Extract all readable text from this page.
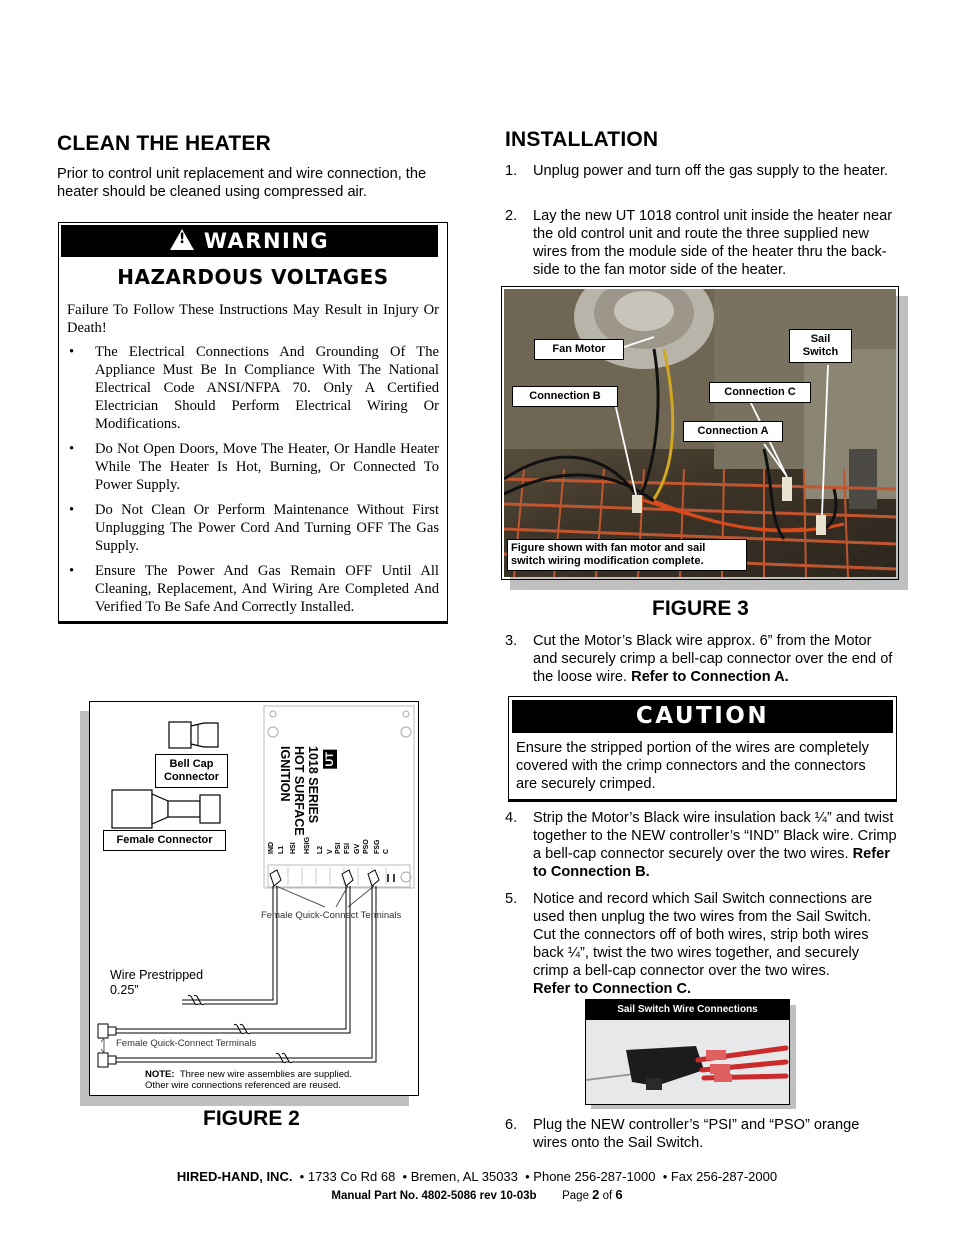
CLEAN THE HEATER
Prior to control unit replacement and wire connection, the heater should be cleaned using compressed air.
!WARNING
HAZARDOUS VOLTAGES
Failure To Follow These Instructions May Result in Injury Or Death!
• The Electrical Connections And Grounding Of The Appliance Must Be In Compliance With The National Electrical Code ANSI/NFPA 70. Only A Certified Electrician Should Perform Electrical Wiring Or Modifications.
• Do Not Open Doors, Move The Heater, Or Handle Heater While The Heater Is Hot, Burning, Or Connected To Power Supply.
• Do Not Clean Or Perform Maintenance Without First Unplugging The Power Cord And Turning OFF The Gas Supply.
• Ensure The Power And Gas Remain OFF Until All Cleaning, Replacement, And Wiring Are Completed And Verified To Be Safe And Correctly Installed.
Bell Cap Connector
Female Connector
UT
1018 SERIES
HOT SURFACE
IGNITION
IND L1 HSI HSIG L2 V PSI FSI GV PSO FSG C
Female Quick-Connect Terminals
Wire Prestripped
0.25”
Female Quick-Connect Terminals
NOTE: Three new wire assemblies are supplied.
Other wire connections referenced are reused.
FIGURE 2
INSTALLATION
1. Unplug power and turn off the gas supply to the heater.
2. Lay the new UT 1018 control unit inside the heater near the old control unit and route the three supplied new wires from the module side of the heater thru the back-side to the fan motor side of the heater.
Fan Motor
Sail
Switch
Connection B	Connection C
Connection A
Figure shown with fan motor and sail
switch wiring modification complete.
FIGURE 3
3. Cut the Motor’s Black wire approx. 6” from the Motor and securely crimp a bell-cap connector over the end of the loose wire. Refer to Connection A.
CAUTION
Ensure the stripped portion of the wires are completely covered with the crimp connectors and the connectors are securely crimped.
4. Strip the Motor’s Black wire insulation back ¼” and twist together to the NEW controller’s “IND” Black wire. Crimp a bell-cap connector securely over the two wires. Refer to Connection B.
5. Notice and record which Sail Switch connections are used then unplug the two wires from the Sail Switch. Cut the connectors off of both wires, strip both wires back ¼”, twist the two wires together, and securely crimp a bell-cap connector over the two wires.
Refer to Connection C.
Sail Switch Wire Connections
6. Plug the NEW controller’s “PSI” and “PSO” orange wires onto the Sail Switch.
HIRED-HAND, INC.  • 1733 Co Rd 68  • Bremen, AL 35033  • Phone 256-287-1000  • Fax 256-287-2000
Manual Part No. 4802-5086 rev 10-03b Page 2 of 6
